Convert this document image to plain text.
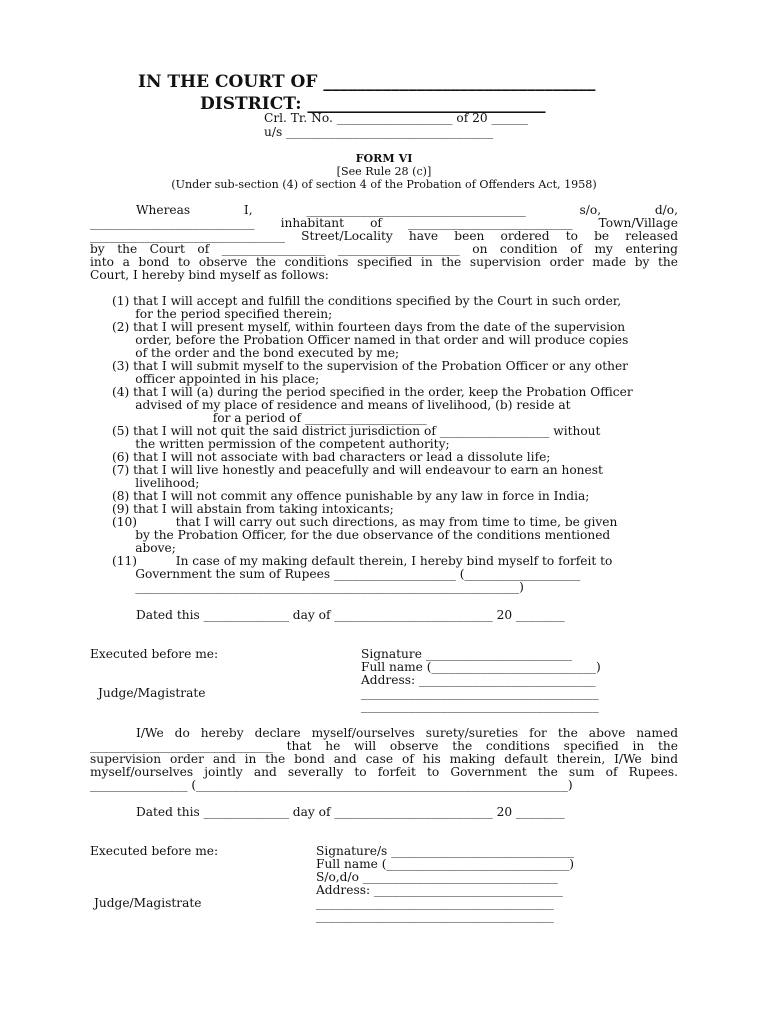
IN THE COURT OF ________________________________
DISTRICT: ____________________________
Crl. Tr. No. ___________________ of 20 ______
u/s __________________________________
FORM VI
[See Rule 28 (c)]
(Under sub-section (4) of section 4 of the Probation of Offenders Act, 1958)
Whereas I, ____________________________________ s/o, d/o,
___________________________ inhabitant of ___________________________ Town/Village
________________________________ Street/Locality have been ordered to be released
by the Court of _________________ ____________________ on condition of my entering
into a bond to observe the conditions specified in the supervision order made by the
Court, I hereby bind myself as follows:
(1) that I will accept and fulfill the conditions specified by the Court in such order,
for the period specified therein;
(2) that I will present myself, within fourteen days from the date of the supervision
order, before the Probation Officer named in that order and will produce copies
of the order and the bond executed by me;
(3) that I will submit myself to the supervision of the Probation Officer or any other
officer appointed in his place;
(4) that I will (a) during the period specified in the order, keep the Probation Officer
advised of my place of residence and means of livelihood, (b) reside at
for a period of ____________________
(5) that I will not quit the said district jurisdiction of __________________ without
the written permission of the competent authority;
(6) that I will not associate with bad characters or lead a dissolute life;
(7) that I will live honestly and peacefully and will endeavour to earn an honest
livelihood;
(8) that I will not commit any offence punishable by any law in force in India;
(9) that I will abstain from taking intoxicants;
(10)          that I will carry out such directions, as may from time to time, be given
by the Probation Officer, for the due observance of the conditions mentioned
above;
(11)          In case of my making default therein, I hereby bind myself to forfeit to
Government the sum of Rupees ____________________ (___________________
_______________________________________________________________)
Dated this ______________ day of __________________________ 20 ________
Executed before me:
Judge/Magistrate
Signature ________________________
Full name (___________________________)
Address: _____________________________
_______________________________________
_______________________________________
I/We do hereby declare myself/ourselves surety/sureties for the above named
______________________________ that he will observe the conditions specified in the
supervision order and in the bond and case of his making default therein, I/We bind
myself/ourselves jointly and severally to forfeit to Government the sum of Rupees.
________________ (_____________________________________________________________)
Dated this ______________ day of __________________________ 20 ________
Executed before me:
Judge/Magistrate
Signature/s ______________________________
Full name (______________________________)
S/o,d/o ________________________________
Address: _______________________________
_______________________________________
_______________________________________
